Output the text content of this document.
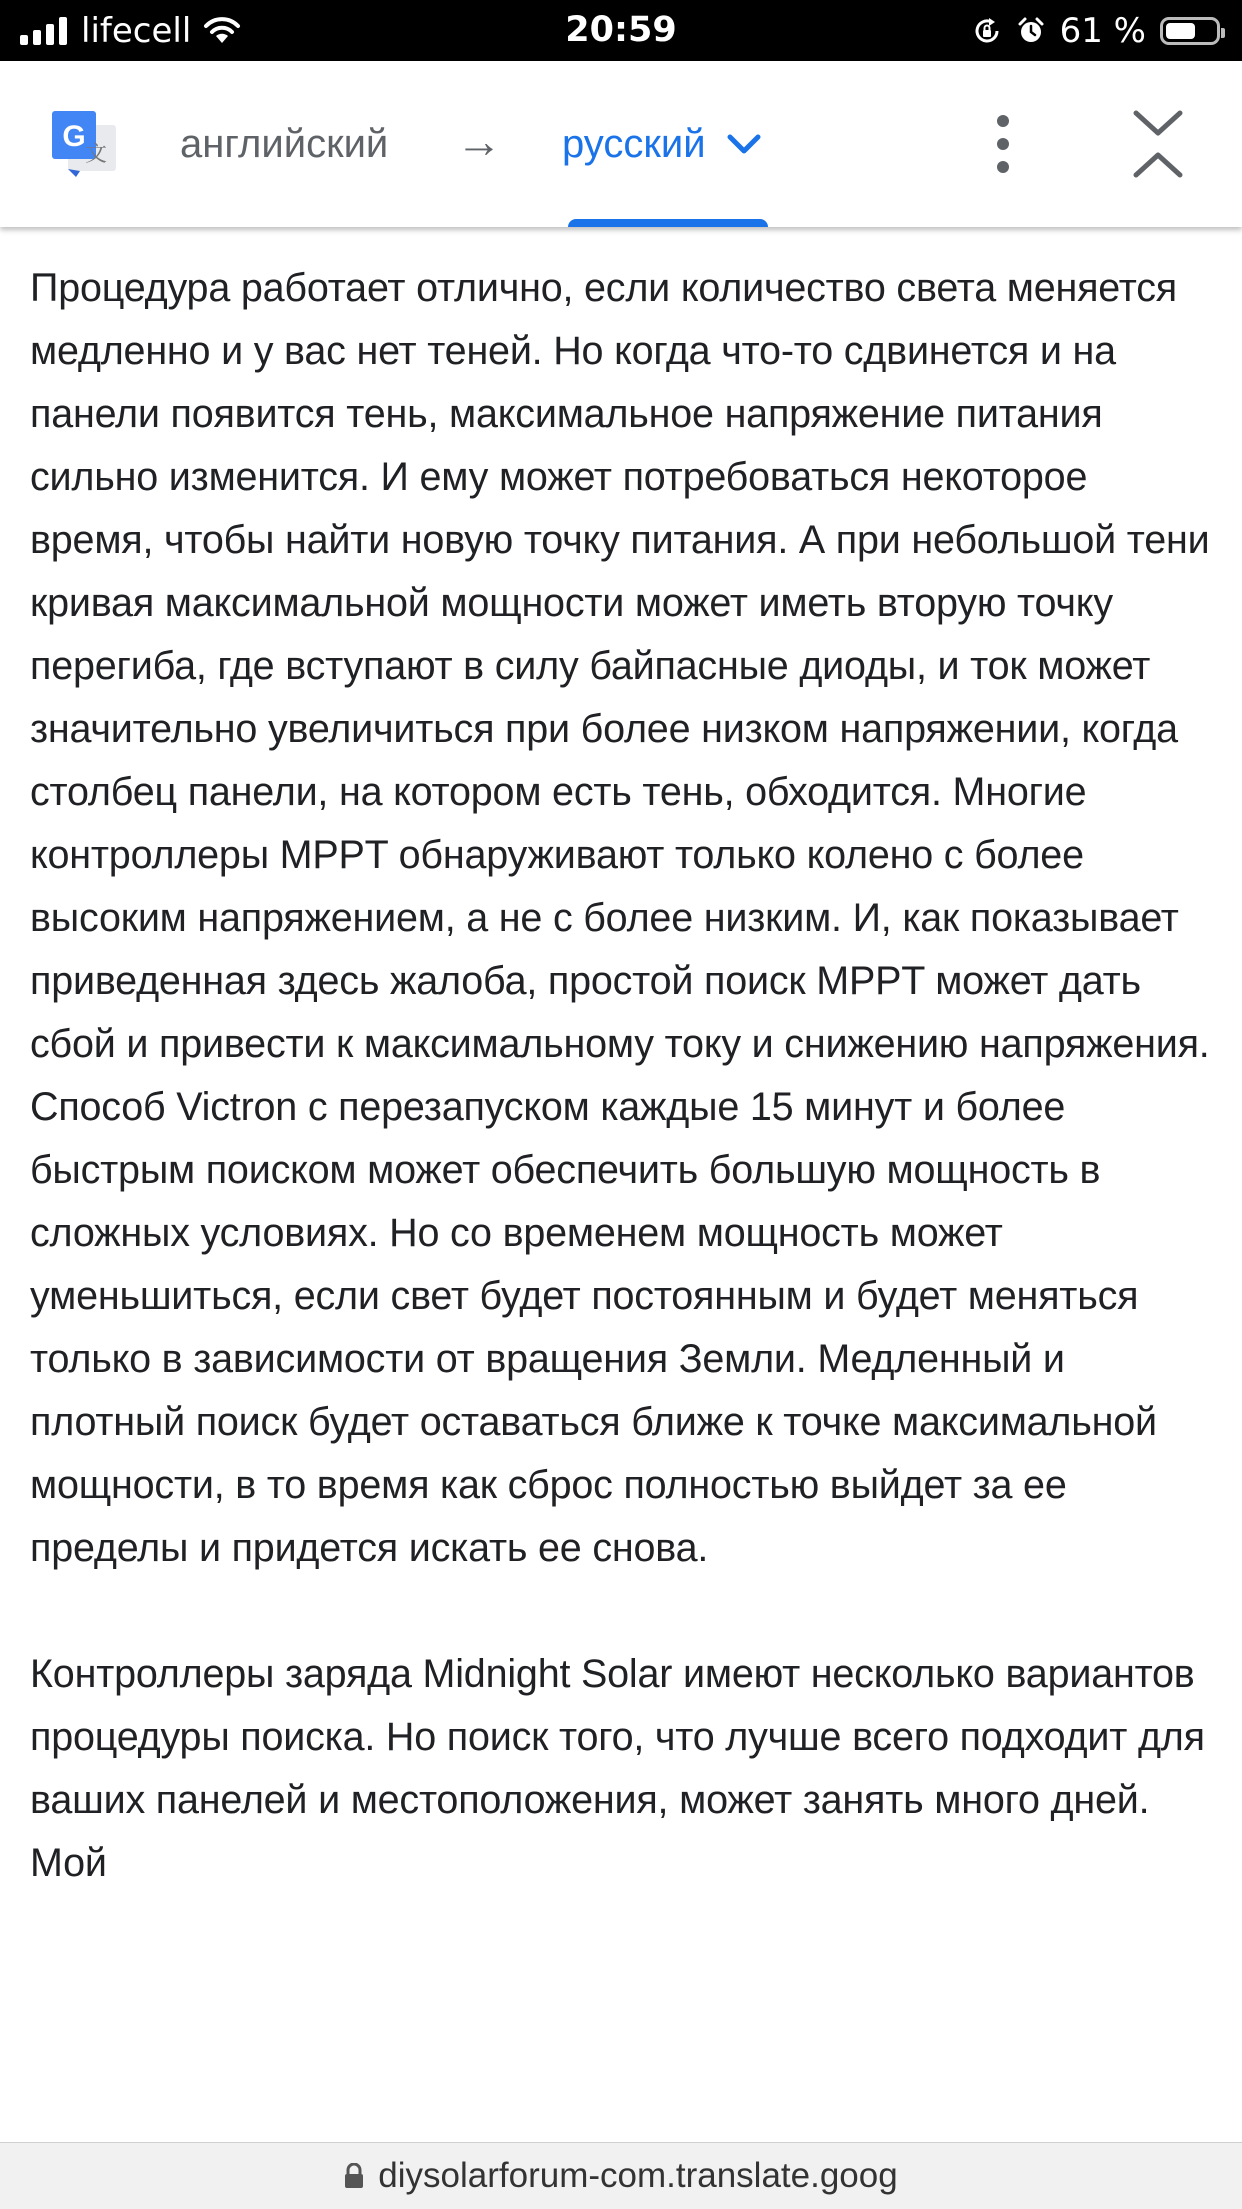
lifecell	20:59	61 %
G
文 английский → русский

Процедура работает отлично, если количество света меняется медленно и у вас нет теней. Но когда что-то сдвинется и на панели появится тень, максимальное напряжение питания сильно изменится. И ему может потребоваться некоторое время, чтобы найти новую точку питания. А при небольшой тени кривая максимальной мощности может иметь вторую точку перегиба, где вступают в силу байпасные диоды, и ток может значительно увеличиться при более низком напряжении, когда столбец панели, на котором есть тень, обходится. Многие контроллеры MPPT обнаруживают только колено с более высоким напряжением, а не с более низким. И, как показывает приведенная здесь жалоба, простой поиск MPPT может дать сбой и привести к максимальному току и снижению напряжения. Способ Victron с перезапуском каждые 15 минут и более быстрым поиском может обеспечить большую мощность в сложных условиях. Но со временем мощность может уменьшиться, если свет будет постоянным и будет меняться только в зависимости от вращения Земли. Медленный и плотный поиск будет оставаться ближе к точке максимальной мощности, в то время как сброс полностью выйдет за ее пределы и придется искать ее снова.

Контроллеры заряда Midnight Solar имеют несколько вариантов процедуры поиска. Но поиск того, что лучше всего подходит для ваших панелей и местоположения, может занять много дней. Мой

diysolarforum-com.translate.goog
